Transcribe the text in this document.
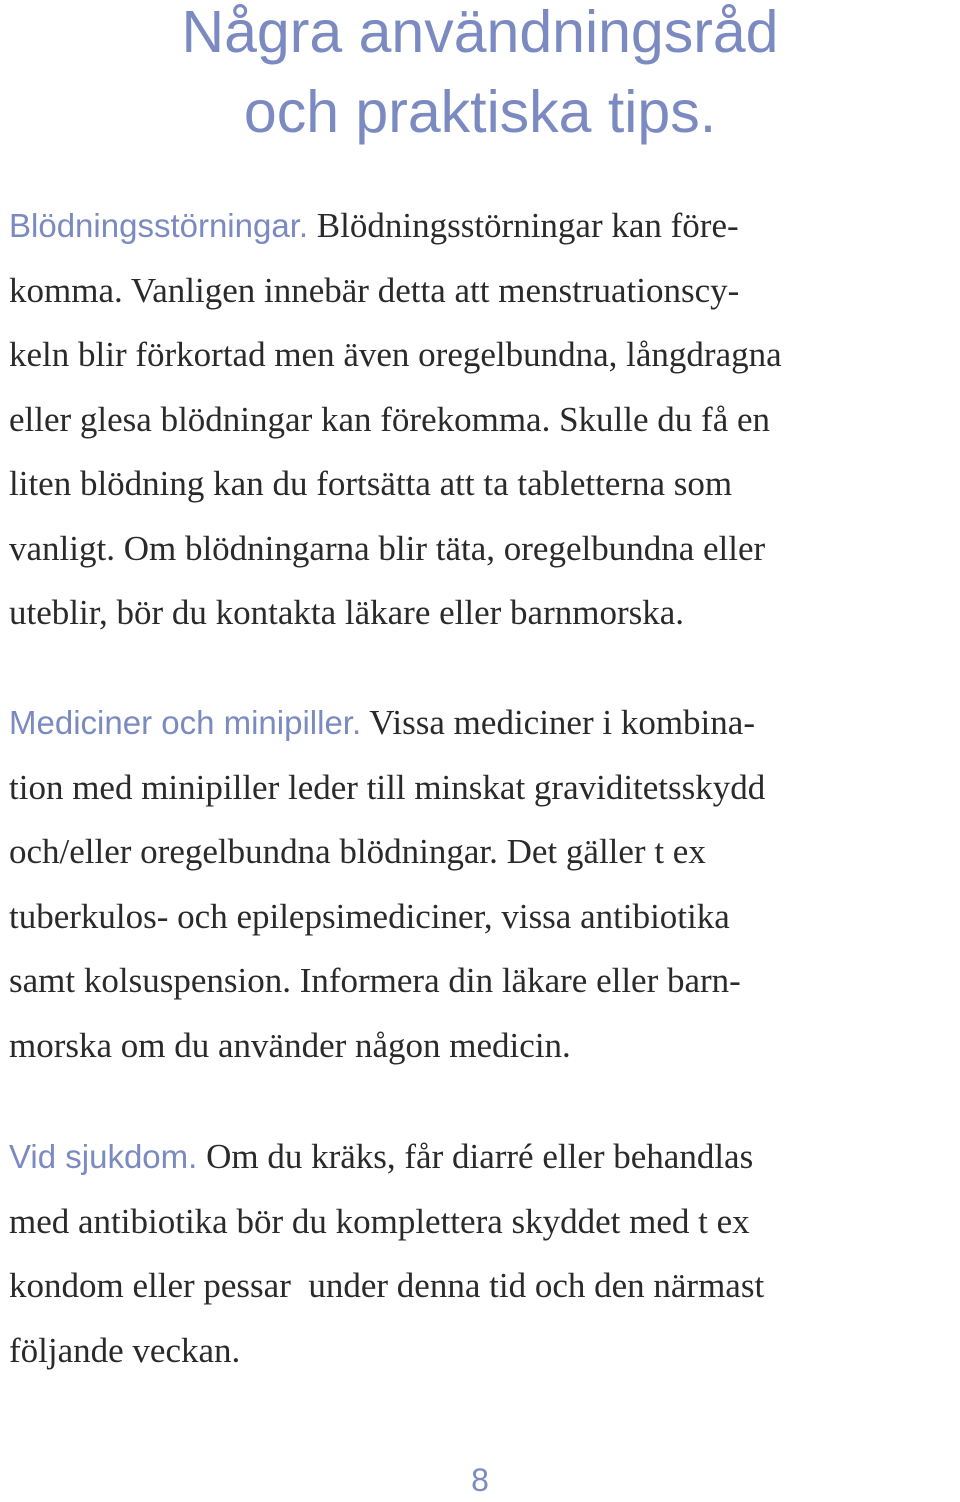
Några användningsråd
och praktiska tips.

Blödningsstörningar. Blödningsstörningar kan före-
komma. Vanligen innebär detta att menstruationscy-
keln blir förkortad men även oregelbundna, långdragna
eller glesa blödningar kan förekomma. Skulle du få en
liten blödning kan du fortsätta att ta tabletterna som
vanligt. Om blödningarna blir täta, oregelbundna eller
uteblir, bör du kontakta läkare eller barnmorska.

Mediciner och minipiller. Vissa mediciner i kombina-
tion med minipiller leder till minskat graviditetsskydd
och/eller oregelbundna blödningar. Det gäller t ex
tuberkulos- och epilepsimediciner, vissa antibiotika
samt kolsuspension. Informera din läkare eller barn-
morska om du använder någon medicin.

Vid sjukdom. Om du kräks, får diarré eller behandlas
med antibiotika bör du komplettera skyddet med t ex
kondom eller pessar  under denna tid och den närmast
följande veckan.

8
